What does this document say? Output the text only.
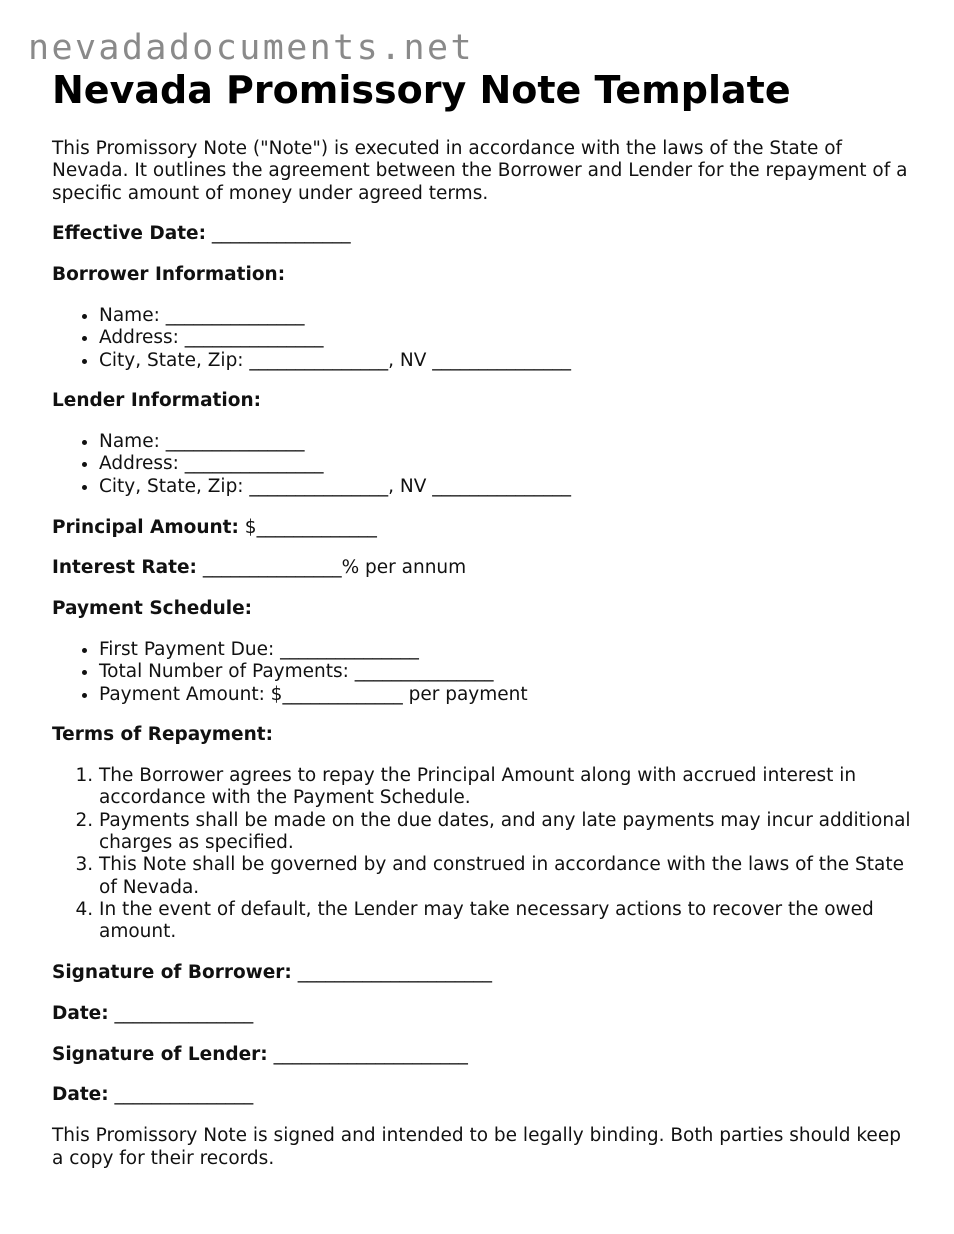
nevadadocuments.net
Nevada Promissory Note Template

This Promissory Note ("Note") is executed in accordance with the laws of the State of Nevada. It outlines the agreement between the Borrower and Lender for the repayment of a specific amount of money under agreed terms.

Effective Date: _______________

Borrower Information:

• Name: _______________
• Address: _______________
• City, State, Zip: _______________, NV _______________

Lender Information:

• Name: _______________
• Address: _______________
• City, State, Zip: _______________, NV _______________

Principal Amount: $_____________

Interest Rate: _______________% per annum

Payment Schedule:

• First Payment Due: _______________
• Total Number of Payments: _______________
• Payment Amount: $_____________ per payment

Terms of Repayment:

1. The Borrower agrees to repay the Principal Amount along with accrued interest in accordance with the Payment Schedule.
2. Payments shall be made on the due dates, and any late payments may incur additional charges as specified.
3. This Note shall be governed by and construed in accordance with the laws of the State of Nevada.
4. In the event of default, the Lender may take necessary actions to recover the owed amount.

Signature of Borrower: _____________________

Date: _______________

Signature of Lender: _____________________

Date: _______________

This Promissory Note is signed and intended to be legally binding. Both parties should keep a copy for their records.
